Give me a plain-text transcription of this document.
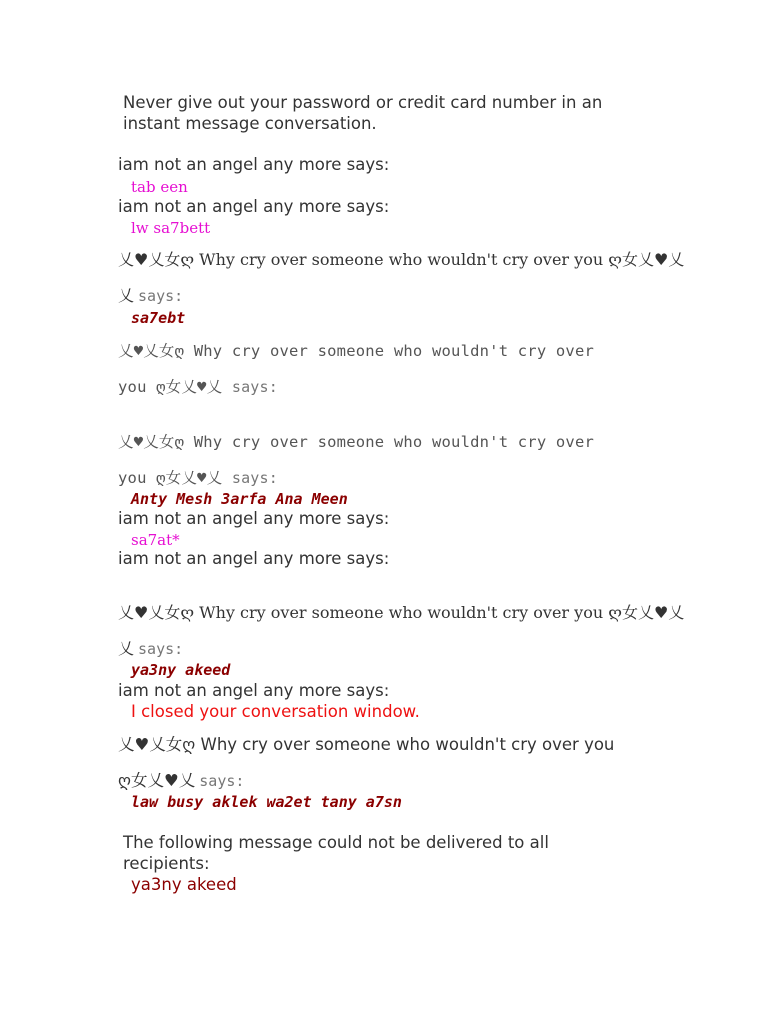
Never give out your password or credit card number in an instant message conversation.
iam not an angel any more says:
tab een
iam not an angel any more says:
lw sa7bett
乂♥乂女ღ Why cry over someone who wouldn't cry over you ღ女乂♥乂
乂 says:
sa7ebt
乂♥乂女ღ Why cry over someone who wouldn't cry over
you ღ女乂♥乂 says:
乂♥乂女ღ Why cry over someone who wouldn't cry over
you ღ女乂♥乂 says:
Anty Mesh 3arfa Ana Meen
iam not an angel any more says:
sa7at*
iam not an angel any more says:
乂♥乂女ღ Why cry over someone who wouldn't cry over you ღ女乂♥乂
乂 says:
ya3ny akeed
iam not an angel any more says:
I closed your conversation window.
乂♥乂女ღ Why cry over someone who wouldn't cry over you
ღ女乂♥乂 says:
law busy aklek wa2et tany a7sn
The following message could not be delivered to all recipients:
ya3ny akeed
